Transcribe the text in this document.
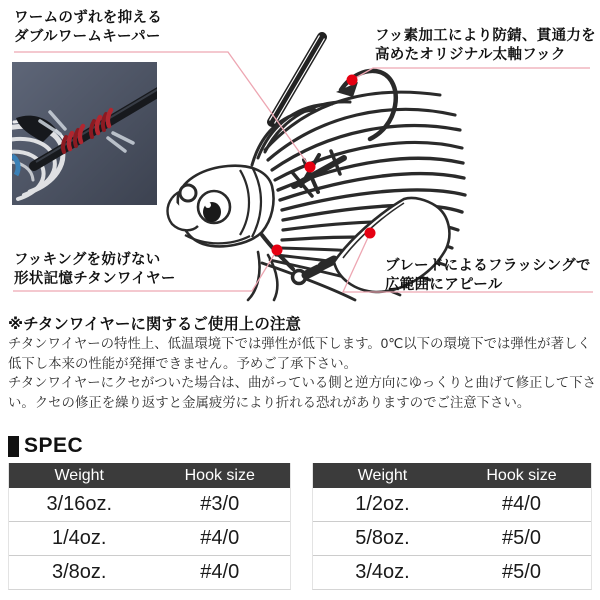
ワームのずれを抑える
ダブルワームキーパー	フッ素加工により防錆、貫通力を
高めたオリジナル太軸フック
フッキングを妨げない
形状記憶チタンワイヤー
ブレードによるフラッシングで
広範囲にアピール
※チタンワイヤーに関するご使用上の注意
チタンワイヤーの特性上、低温環境下では弾性が低下します。0℃以下の環境下では弾性が著しく
低下し本来の性能が発揮できません。予めご了承下さい。
チタンワイヤーにクセがついた場合は、曲がっている側と逆方向にゆっくりと曲げて修正して下さ
い。クセの修正を繰り返すと金属疲労により折れる恐れがありますのでご注意下さい。
SPEC
Weight	Hook size
3/16oz.	#3/0
1/4oz.	#4/0
3/8oz.	#4/0
Weight	Hook size
1/2oz.	#4/0
5/8oz.	#5/0
3/4oz.	#5/0
